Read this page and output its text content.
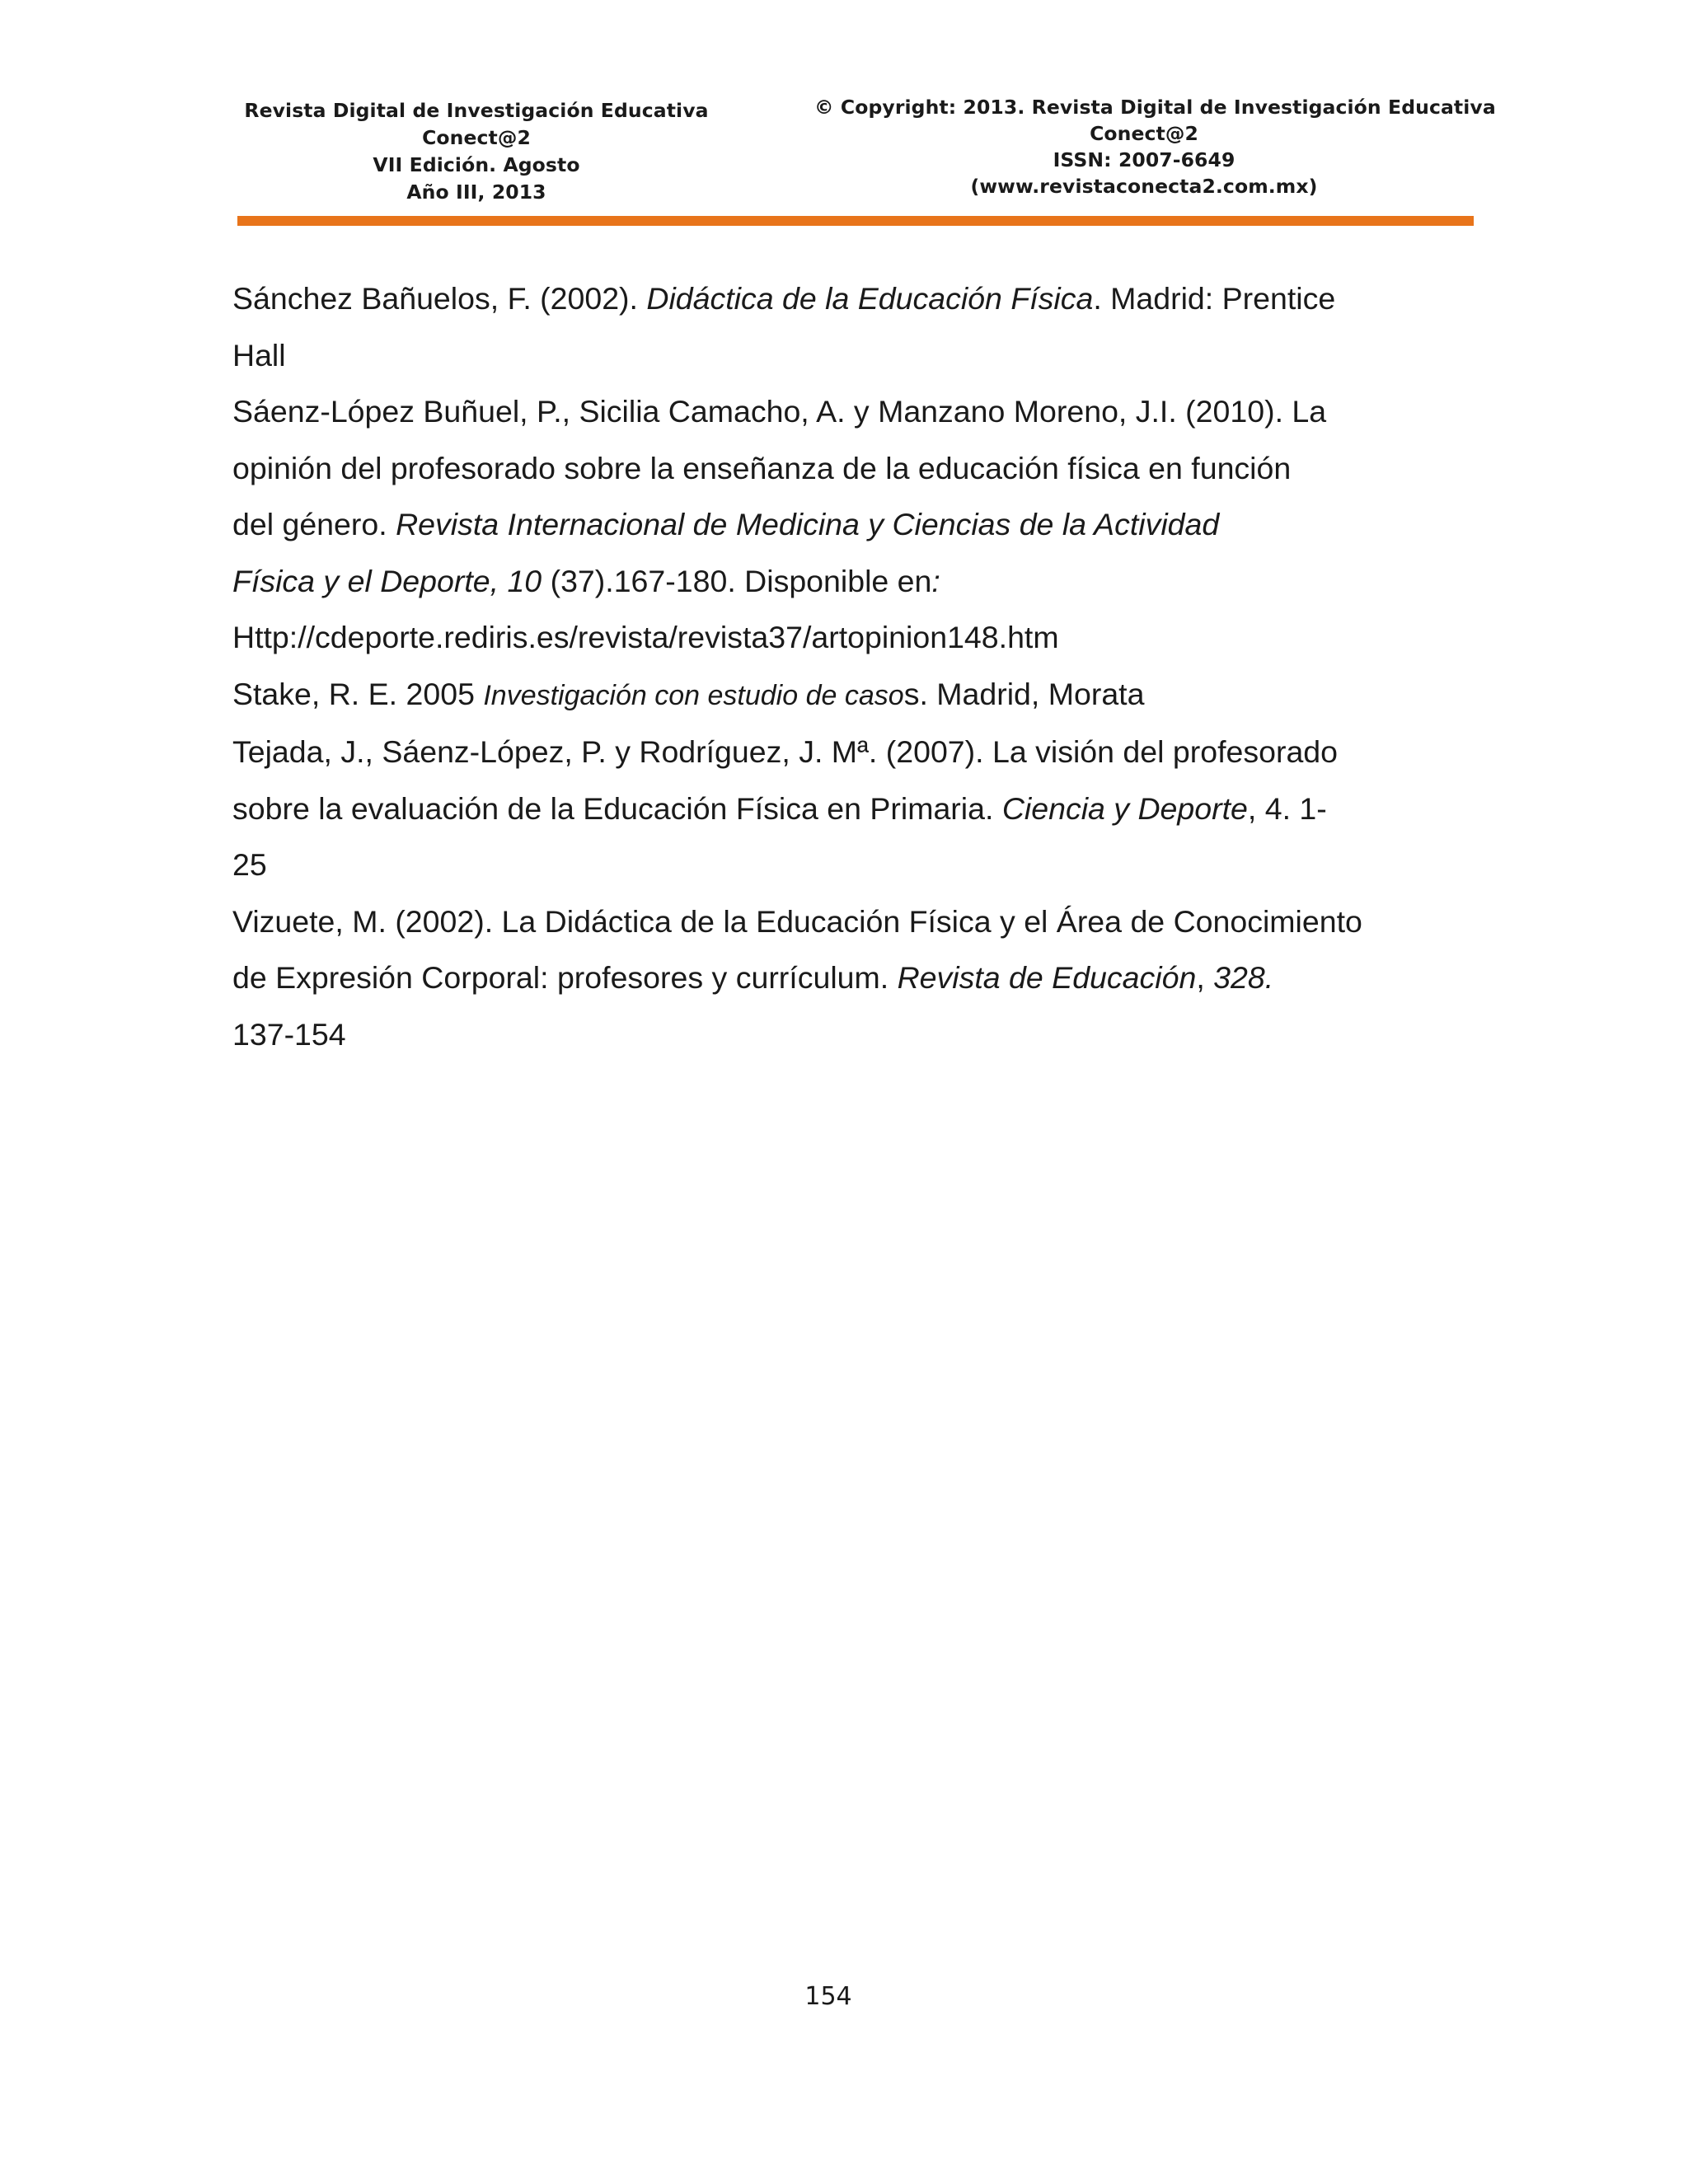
Revista Digital de Investigación Educativa
Conect@2
VII Edición. Agosto
Año III, 2013
© Copyright: 2013. Revista Digital de Investigación Educativa
Conect@2
ISSN: 2007-6649
(www.revistaconecta2.com.mx)
Sánchez Bañuelos, F. (2002). Didáctica de la Educación Física. Madrid: Prentice
Hall
Sáenz-López Buñuel, P., Sicilia Camacho, A. y Manzano Moreno, J.I. (2010). La
opinión del profesorado sobre la enseñanza de la educación física en función
del género. Revista Internacional de Medicina y Ciencias de la Actividad
Física y el Deporte, 10 (37).167-180. Disponible en:
Http://cdeporte.rediris.es/revista/revista37/artopinion148.htm
Stake, R. E. 2005 Investigación con estudio de casos. Madrid, Morata
Tejada, J., Sáenz-López, P. y Rodríguez, J. Mª. (2007). La visión del profesorado
sobre la evaluación de la Educación Física en Primaria. Ciencia y Deporte, 4. 1-
25
Vizuete, M. (2002). La Didáctica de la Educación Física y el Área de Conocimiento
de Expresión Corporal: profesores y currículum. Revista de Educación, 328.
137-154
154
